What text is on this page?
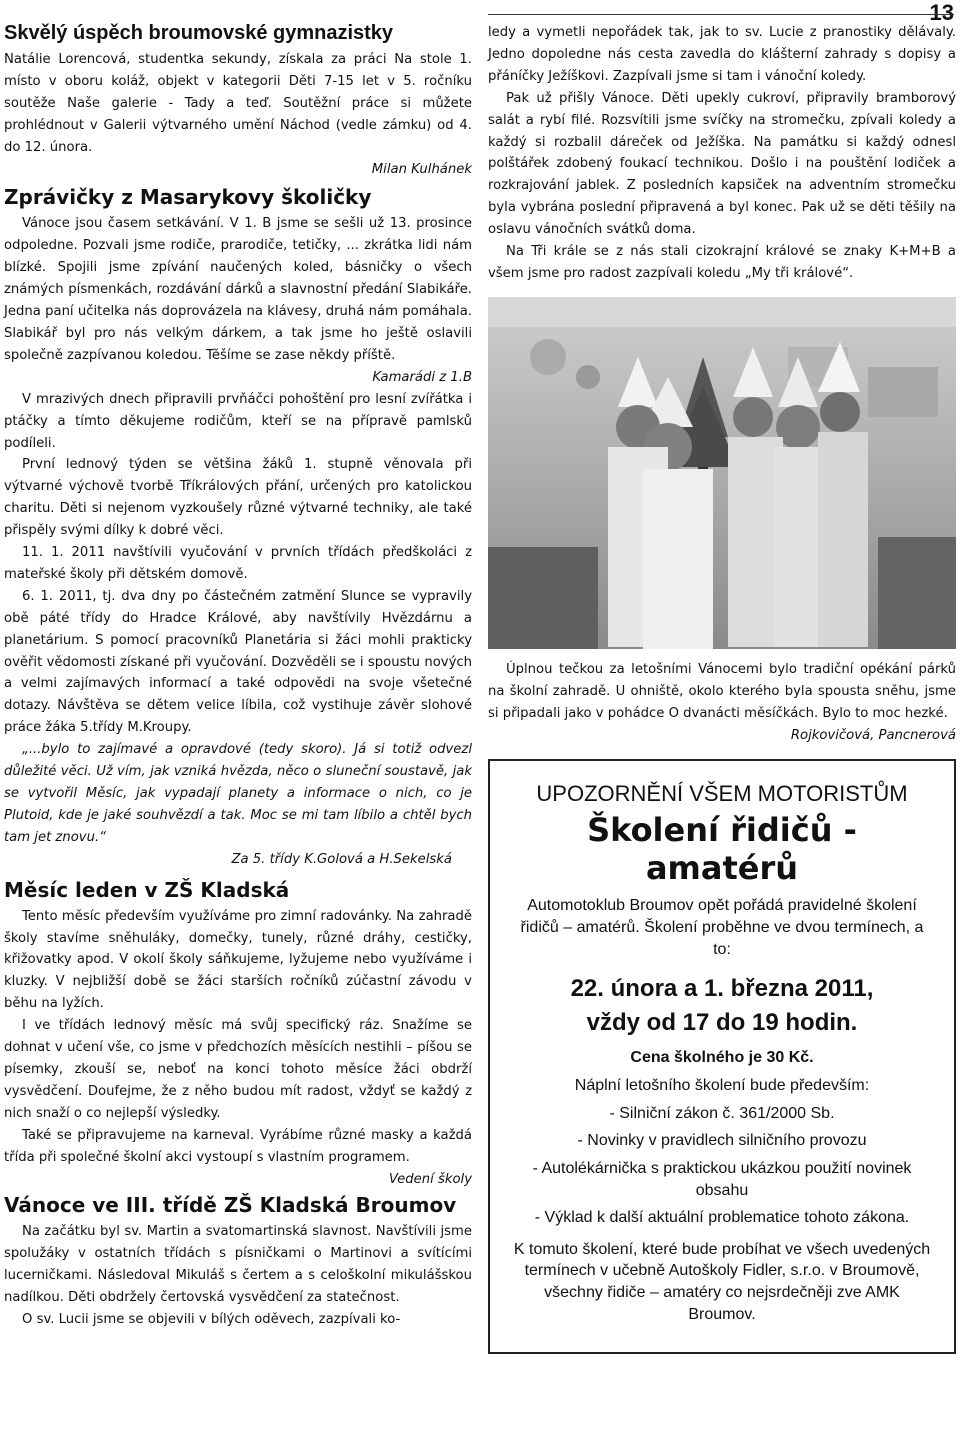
13
Skvělý úspěch broumovské gymnazistky

Natálie Lorencová, studentka sekundy, získala za práci Na stole 1. místo v oboru koláž, objekt v kategorii Děti 7-15 let v 5. ročníku soutěže Naše galerie - Tady a teď. Soutěžní práce si můžete prohlédnout v Galerii výtvarného umění Náchod (vedle zámku) od 4. do 12. února.

Milan Kulhánek
Zprávičky z Masarykovy školičky

Vánoce jsou časem setkávání. V 1. B jsme se sešli už 13. prosince odpoledne. Pozvali jsme rodiče, prarodiče, tetičky, ... zkrátka lidi nám blízké. Spojili jsme zpívání naučených koled, básničky o všech známých písmenkách, rozdávání dárků a slavnostní předání Slabikáře. Jedna paní učitelka nás doprovázela na klávesy, druhá nám pomáhala. Slabikář byl pro nás velkým dárkem, a tak jsme ho ještě oslavili společně zazpívanou koledou. Těšíme se zase někdy příště.

Kamarádi z 1.B

V mrazivých dnech připravili prvňáčci pohoštění pro lesní zvířátka i ptáčky a tímto děkujeme rodičům, kteří se na přípravě pamlsků podíleli.

První lednový týden se většina žáků 1. stupně věnovala při výtvarné výchově tvorbě Tříkrálových přání, určených pro katolickou charitu. Děti si nejenom vyzkoušely různé výtvarné techniky, ale také přispěly svými dílky k dobré věci.

11. 1. 2011 navštívili vyučování v prvních třídách předškoláci z mateřské školy při dětském domově.

6. 1. 2011, tj. dva dny po částečném zatmění Slunce se vypravily obě páté třídy do Hradce Králové, aby navštívily Hvězdárnu a planetárium. S pomocí pracovníků Planetária si žáci mohli prakticky ověřit vědomosti získané při vyučování. Dozvěděli se i spoustu nových a velmi zajímavých informací a také odpovědi na svoje všetečné dotazy. Návštěva se dětem velice líbila, což vystihuje závěr slohové práce žáka 5.třídy M.Kroupy.

„...bylo to zajímavé a opravdové (tedy skoro). Já si totiž odvezl důležité věci. Už vím, jak vzniká hvězda, něco o sluneční soustavě, jak se vytvořil Měsíc, jak vypadají planety a informace o nich, co je Plutoid, kde je jaké souhvězdí a tak. Moc se mi tam líbilo a chtěl bych tam jet znovu.“

Za 5. třídy K.Golová a H.Sekelská
Měsíc leden v ZŠ Kladská

Tento měsíc především využíváme pro zimní radovánky. Na zahradě školy stavíme sněhuláky, domečky, tunely, různé dráhy, cestičky, křižovatky apod. V okolí školy sáňkujeme, lyžujeme nebo využíváme i kluzky. V nejbližší době se žáci starších ročníků zúčastní závodu v běhu na lyžích.

I ve třídách lednový měsíc má svůj specifický ráz. Snažíme se dohnat v učení vše, co jsme v předchozích měsících nestihli – píšou se písemky, zkouší se, neboť na konci tohoto měsíce žáci obdrží vysvědčení. Doufejme, že z něho budou mít radost, vždyť se každý z nich snaží o co nejlepší výsledky.

Také se připravujeme na karneval. Vyrábíme různé masky a každá třída při společné školní akci vystoupí s vlastním programem.

Vedení školy
Vánoce ve III. třídě ZŠ Kladská Broumov

Na začátku byl sv. Martin a svatomartinská slavnost. Navštívili jsme spolužáky v ostatních třídách s písničkami o Martinovi a svítícími lucerničkami. Následoval Mikuláš s čertem a s celoškolní mikulášskou nadílkou. Děti obdržely čertovská vysvědčení za statečnost.

O sv. Lucii jsme se objevili v bílých oděvech, zazpívali ko-

ledy a vymetli nepořádek tak, jak to sv. Lucie z pranostiky dělávaly. Jedno dopoledne nás cesta zavedla do klášterní zahrady s dopisy a přáníčky Ježíškovi. Zazpívali jsme si tam i vánoční koledy.

Pak už přišly Vánoce. Děti upekly cukroví, připravily bramborový salát a rybí filé. Rozsvítili jsme svíčky na stromečku, zpívali koledy a každý si rozbalil dáreček od Ježíška. Na památku si každý odnesl polštářek zdobený foukací technikou. Došlo i na pouštění lodiček a rozkrajování jablek. Z posledních kapsiček na adventním stromečku byla vybrána poslední připravená a byl konec. Pak už se děti těšily na oslavu vánočních svátků doma.

Na Tři krále se z nás stali cizokrajní králové se znaky K+M+B a všem jsme pro radost zazpívali koledu „My tři králové“.

Úplnou tečkou za letošními Vánocemi bylo tradiční opékání párků na školní zahradě. U ohniště, okolo kterého byla spousta sněhu, jsme si připadali jako v pohádce O dvanácti měsíčkách. Bylo to moc hezké.

Rojkovičová, Pancnerová
UPOZORNĚNÍ VŠEM MOTORISTŮM
Školení řidičů - amatérů
Automotoklub Broumov opět pořádá pravidelné školení řidičů – amatérů. Školení proběhne ve dvou termínech, a to:
22. února a 1. března 2011,
vždy od 17 do 19 hodin.
Cena školného je 30 Kč.
Náplní letošního školení bude především:
- Silniční zákon č. 361/2000 Sb.
- Novinky v pravidlech silničního provozu
- Autolékárnička s praktickou ukázkou použití novinek obsahu
- Výklad k další aktuální problematice tohoto zákona.
K tomuto školení, které bude probíhat ve všech uvedených termínech v učebně Autoškoly Fidler, s.r.o. v Broumově, všechny řidiče – amatéry co nejsrdečněji zve AMK Broumov.
